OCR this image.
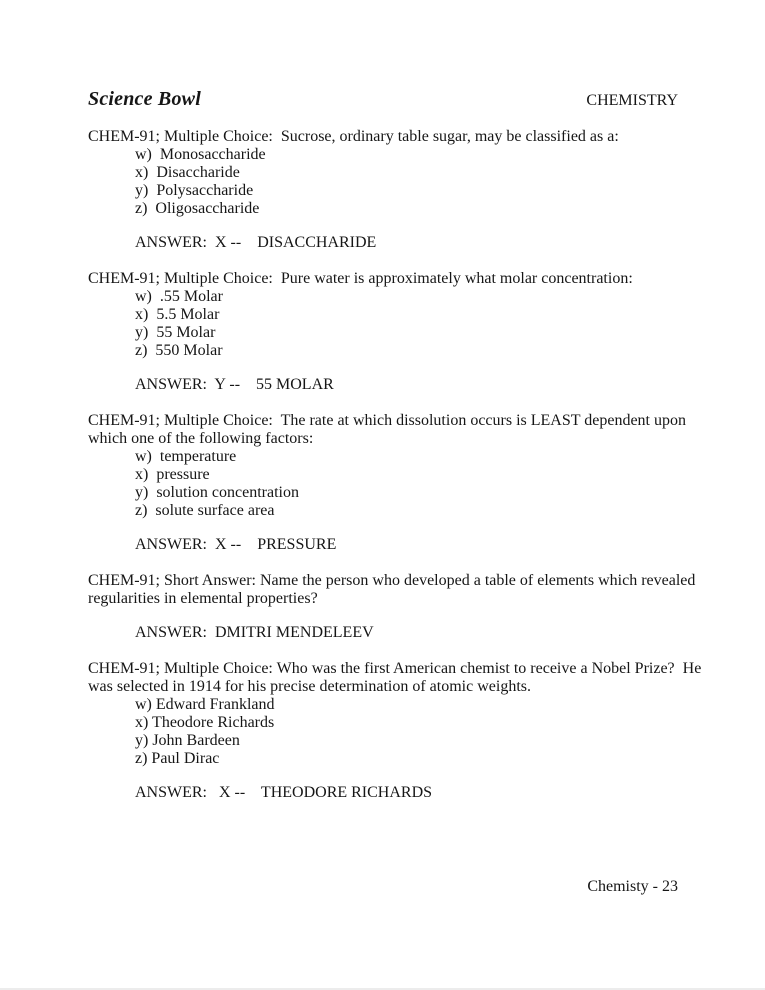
Science Bowl	CHEMISTRY
CHEM-91; Multiple Choice:  Sucrose, ordinary table sugar, may be classified as a:
w)  Monosaccharide
x)  Disaccharide
y)  Polysaccharide
z)  Oligosaccharide
ANSWER:  X --    DISACCHARIDE
CHEM-91; Multiple Choice:  Pure water is approximately what molar concentration:
w)  .55 Molar
x)  5.5 Molar
y)  55 Molar
z)  550 Molar
ANSWER:  Y --    55 MOLAR
CHEM-91; Multiple Choice:  The rate at which dissolution occurs is LEAST dependent upon
which one of the following factors:
w)  temperature
x)  pressure
y)  solution concentration
z)  solute surface area
ANSWER:  X --    PRESSURE
CHEM-91; Short Answer: Name the person who developed a table of elements which revealed
regularities in elemental properties?
ANSWER:  DMITRI MENDELEEV
CHEM-91; Multiple Choice: Who was the first American chemist to receive a Nobel Prize?  He
was selected in 1914 for his precise determination of atomic weights.
w) Edward Frankland
x) Theodore Richards
y) John Bardeen
z) Paul Dirac
ANSWER:   X --    THEODORE RICHARDS
Chemisty - 23
